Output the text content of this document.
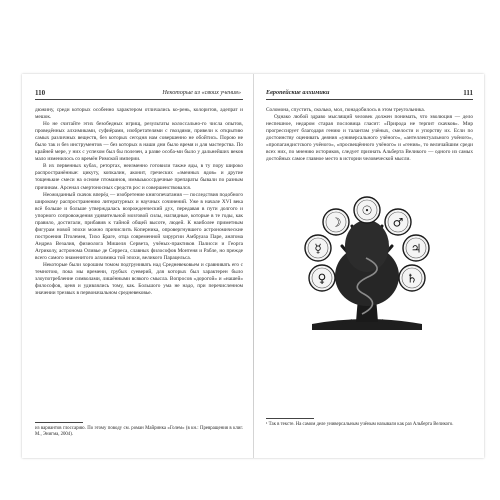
110	Некоторые из «своих учения»

дюжину, среди которых особенно характером отличались ко-рень, колоритов, адепрат и мешок.

Но не считайте этих безобедных игрищ, результаты колоссально-го числа опытов, проведённых алхимиками, суфиёрами, изобретателями с гвоздями, привели к открытию самых различных веществ, без которых сегодня нам совершенно не обойтись. Порою не было так и без инструментов — без которых в наши дни было время и для мастерства. По крайней мере, у них с успехом был бы полезен, а разве особа-ми было у дальнейших веков мало изменилось со времён Римской империи.

В их первенных кубах, ретортах, неизменно готовили также яды, в ту пору широко распространённые: цикуту, копкалин, аконит, греческих «змеиных ядов» и другие тощенькие смеси на основе птомаинов, иммыькоссрдечные препараты бывали по разным причинам. Арсенал смертоносных средств рос и совершенствовался.

Неожиданный скачок вперёд — изобретение книгопечатания — последствия подобного широкому распространению литературных и научных сочинений. Уже в начале XVI века всё больше и больше утверждалась возрожденческий дух, передавая в пути долгого и упорного сопровождения удивительной мозговой силы, наглядные, которые в те годы, как правило, достигали, прибавив к тайной общей высоте, людей. К наиболее приметным фигурам новой эпохи можно причислить Коперника, опровергнувшего астрономические построения Птолемея, Тихо Браге, отца современной хирургии Амбруаза Паре, анатома Андреа Везалия, физиолога Мишеля Сервета, учёных-практиков Палисси и Георга Агриколу, астронома Оливье де Серреса, славных философов Монтеня и Рабле, но прежде всего самого знаменитого алхимика той эпохи, великого Парацельса.

Некоторые были хорошим томом подтрунивать над Средневековьем и сравнивать его с темнотою, пока мы времени, грубых суеверий, для которых был характерен было злоупотребление символами, лишёнными всякого смысла. Вопросов «дорогой» и «нашей» философов, ценя и удивлялись тому, как. Большого ума не надо, при перечисленном значении трезвых в первоначальном средневековье.

из вариантов глоссарию. По этому поводу см. роман Майринка «Голем» (в кн.: Превращения в клиг. М., Энигма, 2004).

Европейские алхимики	111

Соломона, спустить, сколько, мол, понадобилось в этом треугольника.

Однако любой здраво мыслящий человек должен понимать, что эволюция — дело неспешное, недаром старая пословица гласит: «Природа не терпит скачков». Мир прогрессирует благодаря гению и талантам учёных, смелости и упорству их. Если по достоинству оценивать деяния «универсального учёного», «антеллектуального учёного», «пропагандистского учёного», «просвещённого учёного» и «гения», то величайшим среди всех них, по мнению историков, следует признать Альберта Великого — одного из самых достойных самое главное место в истории человеческой мысли.

☉
☽	♂
☿	♃
♀	♄

¹ Так в тексте. На самом деле универсальным учёным называли как раз Альберта Великого.
